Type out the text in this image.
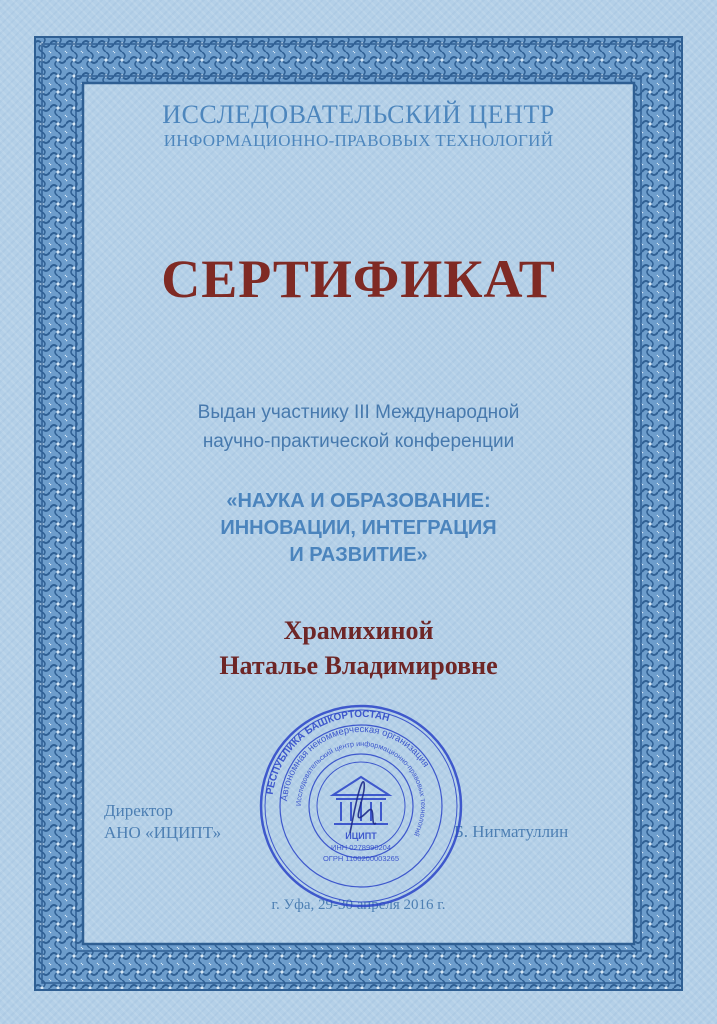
ИССЛЕДОВАТЕЛЬСКИЙ ЦЕНТР
ИНФОРМАЦИОННО-ПРАВОВЫХ ТЕХНОЛОГИЙ
СЕРТИФИКАТ
Выдан участнику III Международной
научно-практической конференции
«НАУКА И ОБРАЗОВАНИЕ:
ИННОВАЦИИ, ИНТЕГРАЦИЯ
И РАЗВИТИЕ»
Храмихиной
Наталье Владимировне
Директор
АНО «ИЦИПТ»	Б. Нигматуллин
г. Уфа, 29-30 апреля 2016 г.
РЕСПУБЛИКА БАШКОРТОСТАН
Автономная некоммерческая организация
Исследовательский центр информационно-правовых технологий
ИЦИПТ
ИНН 0278990204
ОГРН 1100200003265
